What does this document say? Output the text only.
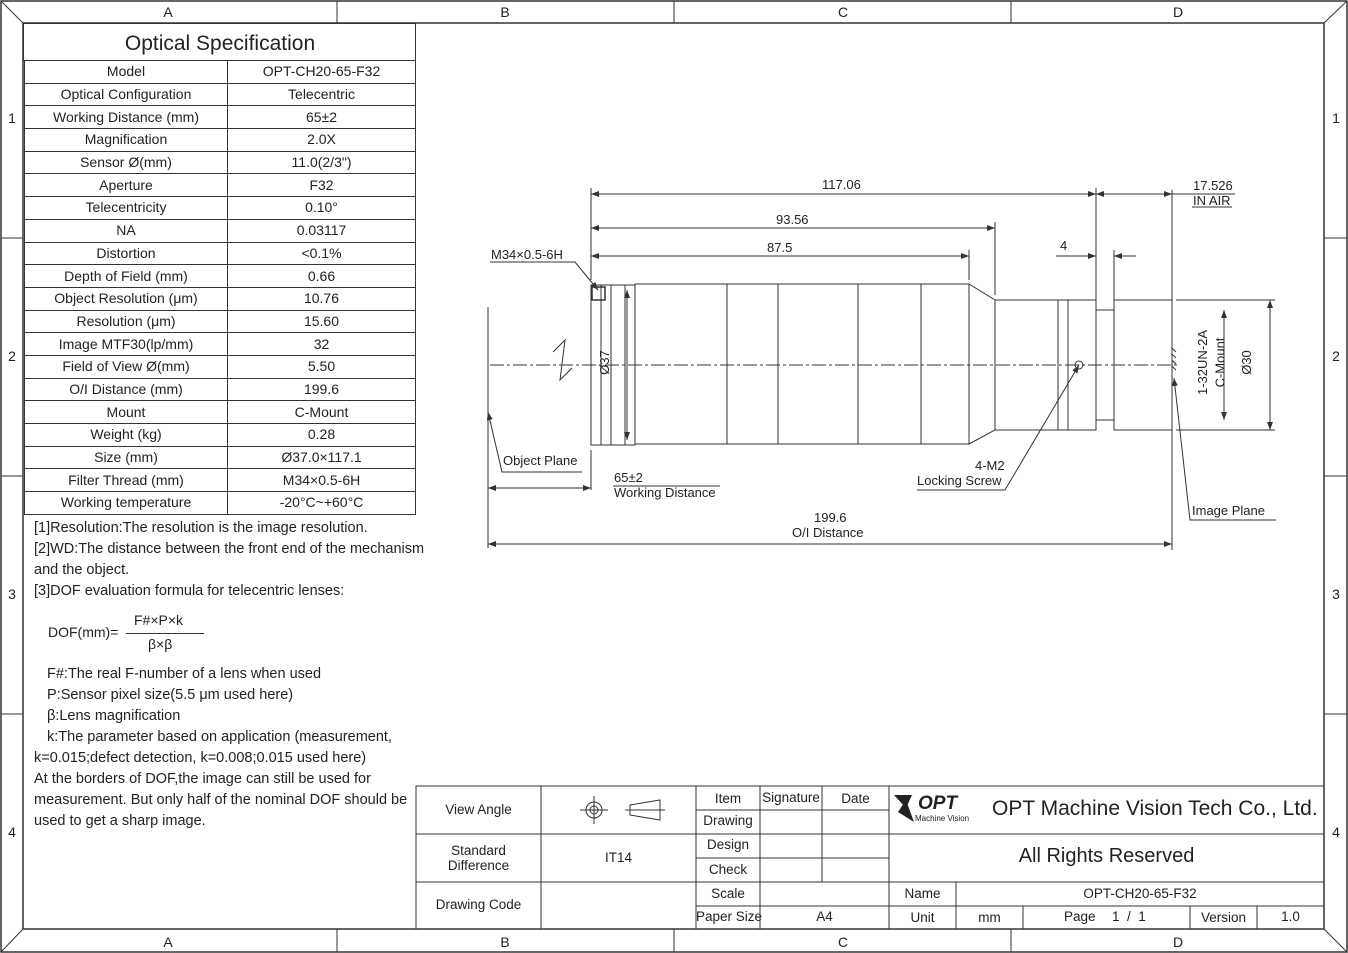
A	B	C	D
A	B	C	D
1
2
3
4
1
2
3
4
Optical Specification
Model	OPT-CH20-65-F32
Optical Configuration	Telecentric
Working Distance (mm)	65±2
Magnification	2.0X
Sensor Ø(mm)	11.0(2/3")
Aperture	F32
Telecentricity	0.10°
NA	0.03117
Distortion	<0.1%
Depth of Field (mm)	0.66
Object Resolution (μm)	10.76
Resolution (μm)	15.60
Image MTF30(lp/mm)	32
Field of View Ø(mm)	5.50
O/I Distance (mm)	199.6
Mount	C-Mount
Weight (kg)	0.28
Size (mm)	Ø37.0×117.1
Filter Thread (mm)	M34×0.5-6H
Working temperature	-20°C~+60°C

[1]Resolution:The resolution is the image resolution.

[2]WD:The distance between the front end of the mechanism

and the object.

[3]DOF evaluation formula for telecentric lenses:

DOF(mm)=
F#×P×k
β×β

F#:The real F-number of a lens when used

P:Sensor pixel size(5.5 μm used here)

β:Lens magnification

k:The parameter based on application (measurement,

k=0.015;defect detection, k=0.008;0.015 used here)

At the borders of DOF,the image can still be used for

measurement. But only half of the nominal DOF should be

used to get a sharp image.

117.06
93.56
87.5
17.526
IN AIR
4
M34×0.5-6H
Ø37	Ø30
1-32UN-2A C-Mount
Object Plane
65±2
Working Distance
4-M2
Locking Screw
199.6
O/I Distance
Image Plane
View Angle
Standard
Difference
IT14
Drawing Code
Item	Signature	Date
Drawing
Design
Check
Scale
Paper Size	A4
OPT
Machine Vision OPT Machine Vision Tech Co., Ltd.
All Rights Reserved
Name	OPT-CH20-65-F32
Unit	mm	Page 1  /  1	Version	1.0
